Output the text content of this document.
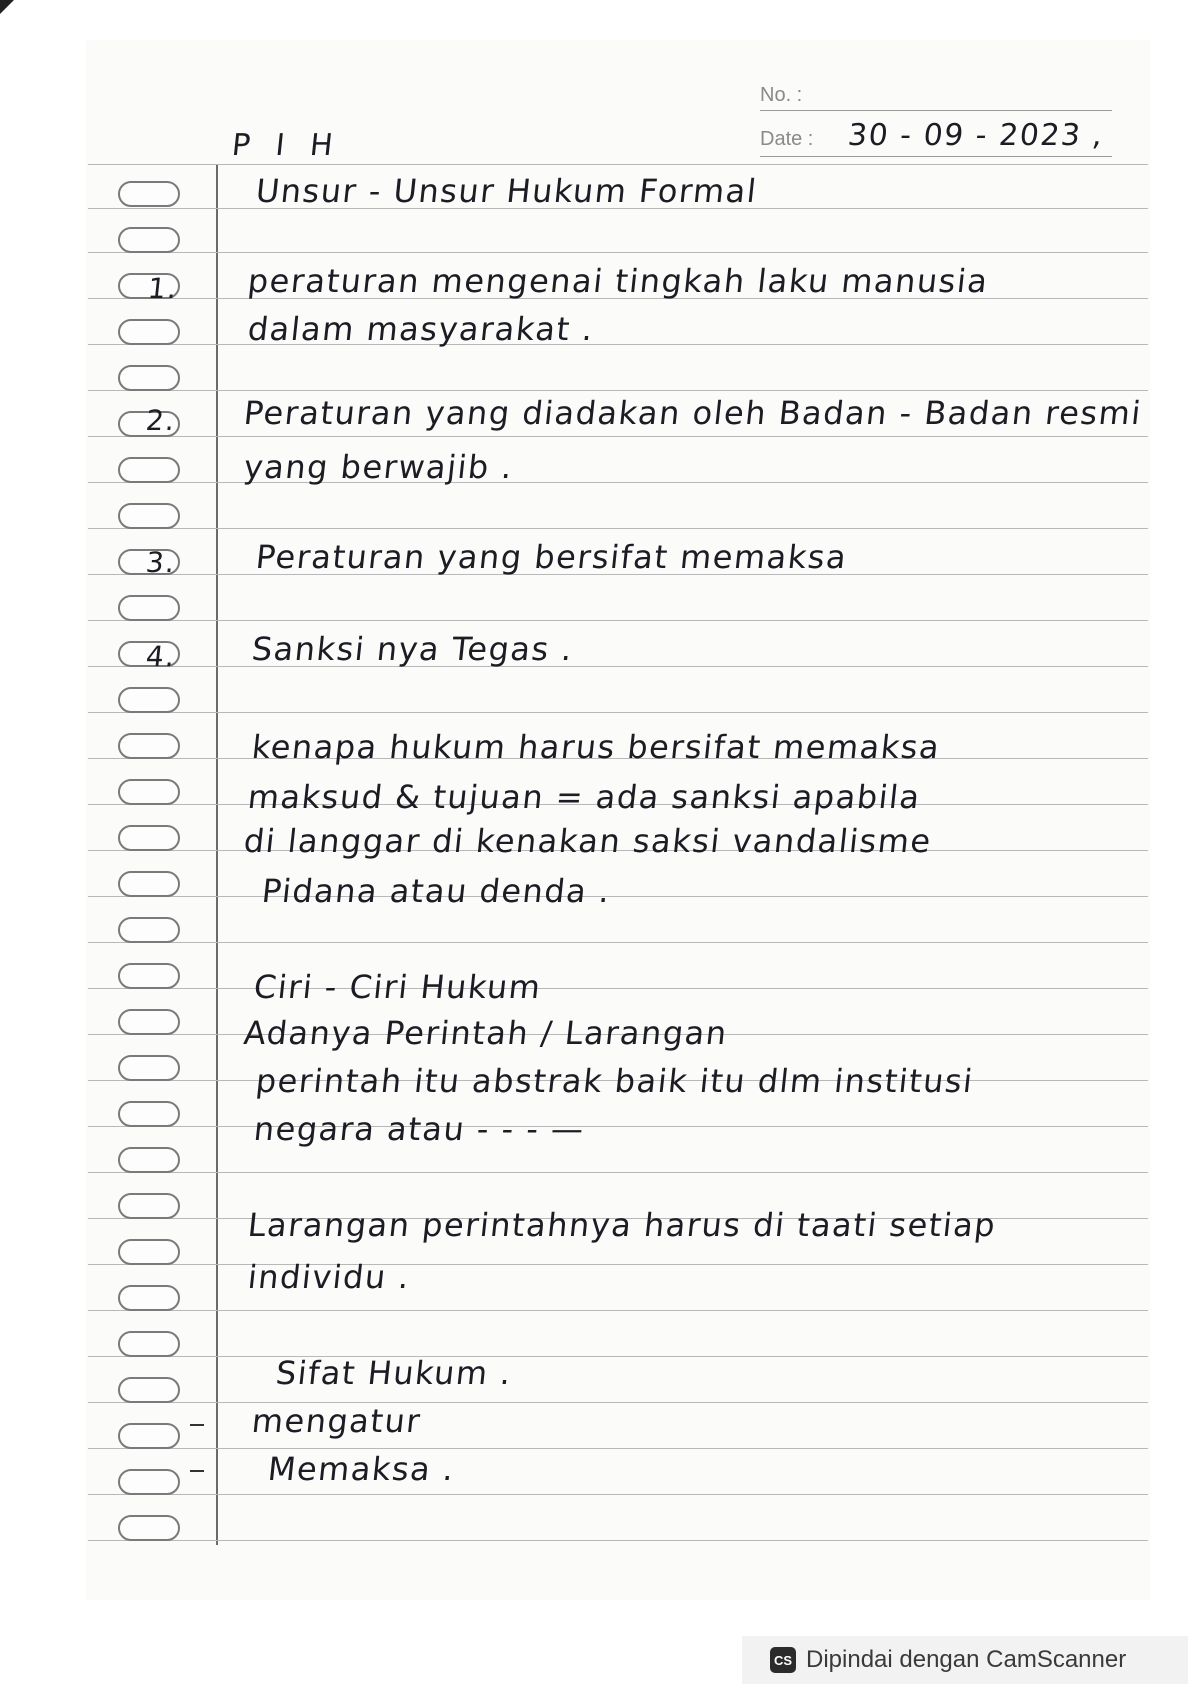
No. :
Date : 30 - 09 - 2023 ,
P I H
Unsur - Unsur Hukum Formal
1. peraturan mengenai tingkah laku manusia
dalam masyarakat .
2. Peraturan yang diadakan oleh Badan - Badan resmi
yang berwajib .
3. Peraturan yang bersifat memaksa
4. Sanksi nya Tegas .
kenapa hukum harus bersifat memaksa
maksud & tujuan = ada sanksi apabila
di langgar di kenakan saksi vandalisme
Pidana atau denda .
Ciri - Ciri Hukum
Adanya Perintah / Larangan
perintah itu abstrak baik itu dlm institusi
negara atau - - - —
Larangan perintahnya harus di taati setiap
individu .
Sifat Hukum .
mengatur
Memaksa .
CS Dipindai dengan CamScanner
